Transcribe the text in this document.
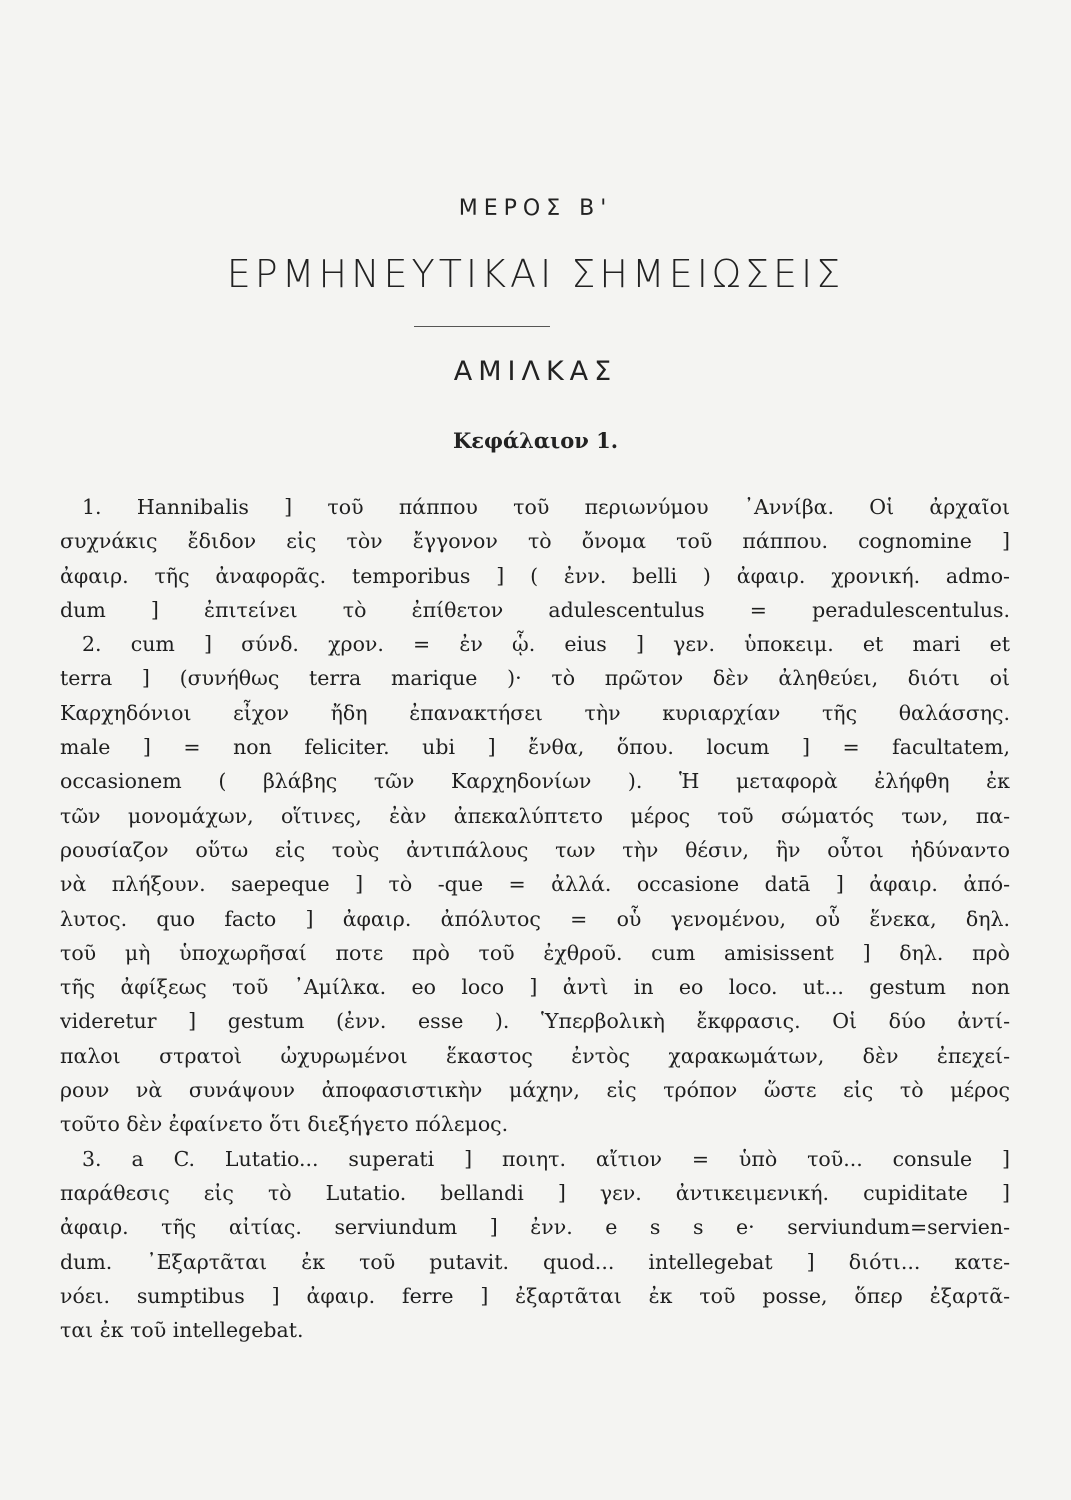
ΜΕΡΟΣ Β'
ΕΡΜΗΝΕΥΤΙΚΑΙ ΣΗΜΕΙΩΣΕΙΣ
ΑΜΙΛΚΑΣ
Κεφάλαιον 1.
1. Hannibalis ] τοῦ πάππου τοῦ περιωνύμου ᾿Αννίβα. Οἱ ἀρχαῖοι
συχνάκις ἔδιδον εἰς τὸν ἔγγονον τὸ ὄνομα τοῦ πάππου. cognomine ]
ἀφαιρ. τῆς ἀναφορᾶς. temporibus ] ( ἐνν. belli ) ἀφαιρ. χρονική. admo-
dum ] ἐπιτείνει τὸ ἐπίθετον adulescentulus = peradulescentulus.
2. cum ] σύνδ. χρον. = ἐν ᾧ. eius ] γεν. ὑποκειμ. et mari et
terra ] (συνήθως terra marique )· τὸ πρῶτον δὲν ἀληθεύει, διότι οἱ
Καρχηδόνιοι εἶχον ἤδη ἐπανακτήσει τὴν κυριαρχίαν τῆς θαλάσσης.
male ] = non feliciter. ubi ] ἔνθα, ὅπου. locum ] = facultatem,
occasionem ( βλάβης τῶν Καρχηδονίων ). Ἡ μεταφορὰ ἐλήφθη ἐκ
τῶν μονομάχων, οἵτινες, ἐὰν ἀπεκαλύπτετο μέρος τοῦ σώματός των, πα-
ρουσίαζον οὕτω εἰς τοὺς ἀντιπάλους των τὴν θέσιν, ἣν οὗτοι ἠδύναντο
νὰ πλήξουν. saepeque ] τὸ -que = ἀλλά. occasione datā ] ἀφαιρ. ἀπό-
λυτος. quo facto ] ἀφαιρ. ἀπόλυτος = οὗ γενομένου, οὗ ἕνεκα, δηλ.
τοῦ μὴ ὑποχωρῆσαί ποτε πρὸ τοῦ ἐχθροῦ. cum amisissent ] δηλ. πρὸ
τῆς ἀφίξεως τοῦ ᾿Αμίλκα. eo loco ] ἀντὶ in eo loco. ut... gestum non
videretur ] gestum (ἐνν. esse ). Ὑπερβολικὴ ἔκφρασις. Οἱ δύο ἀντί-
παλοι στρατοὶ ὠχυρωμένοι ἕκαστος ἐντὸς χαρακωμάτων, δὲν ἐπεχεί-
ρουν νὰ συνάψουν ἀποφασιστικὴν μάχην, εἰς τρόπον ὥστε εἰς τὸ μέρος
τοῦτο δὲν ἐφαίνετο ὅτι διεξήγετο πόλεμος.
3. a C. Lutatio... superati ] ποιητ. αἴτιον = ὑπὸ τοῦ... consule ]
παράθεσις εἰς τὸ Lutatio. bellandi ] γεν. ἀντικειμενική. cupiditate ]
ἀφαιρ. τῆς αἰτίας. serviundum ] ἐνν. e s s e· serviundum=servien-
dum. ᾿Εξαρτᾶται ἐκ τοῦ putavit. quod... intellegebat ] διότι... κατε-
νόει. sumptibus ] ἀφαιρ. ferre ] ἐξαρτᾶται ἐκ τοῦ posse, ὅπερ ἐξαρτᾶ-
ται ἐκ τοῦ intellegebat.
